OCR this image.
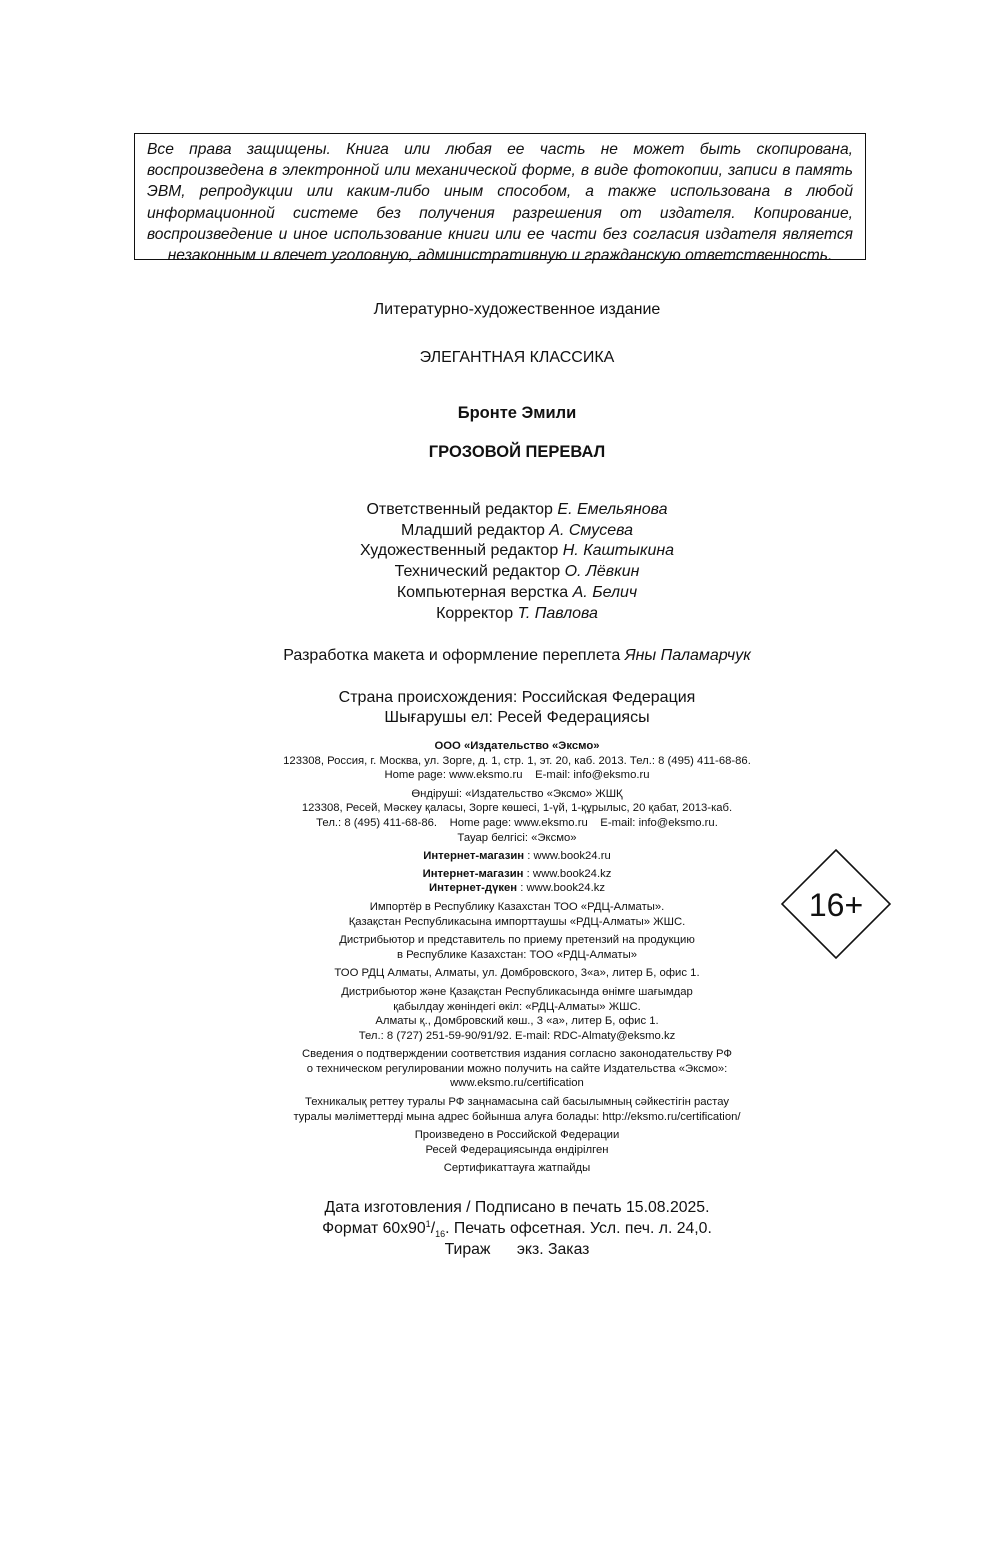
Все права защищены. Книга или любая ее часть не может быть скопирована, воспроизведена в электронной или механической форме, в виде фотокопии, записи в память ЭВМ, репродукции или каким-либо иным способом, а также использована в любой информационной системе без получения разрешения от издателя. Копирование, воспроизведение и иное использование книги или ее части без согласия издателя является незаконным и влечет уголовную, административную и гражданскую ответственность.

Литературно-художественное издание
ЭЛЕГАНТНАЯ КЛАССИКА
Бронте Эмили
ГРОЗОВОЙ ПЕРЕВАЛ
Ответственный редактор Е. Емельянова
Младший редактор А. Смусева
Художественный редактор Н. Каштыкина
Технический редактор О. Лёвкин
Компьютерная верстка А. Белич
Корректор Т. Павлова
Разработка макета и оформление переплета Яны Паламарчук
Страна происхождения: Российская Федерация
Шығарушы ел: Ресей Федерациясы
ООО «Издательство «Эксмо»
123308, Россия, г. Москва, ул. Зорге, д. 1, стр. 1, эт. 20, каб. 2013. Тел.: 8 (495) 411-68-86.
Home page: www.eksmo.ru    E-mail: info@eksmo.ru
Өндіруші: «Издательство «Эксмо» ЖШҚ
123308, Ресей, Мәскеу қаласы, Зорге көшесі, 1-үй, 1-құрылыс, 20 қабат, 2013-каб.
Тел.: 8 (495) 411-68-86.    Home page: www.eksmo.ru    E-mail: info@eksmo.ru.
Тауар белгісі: «Эксмо»
Интернет-магазин : www.book24.ru
Интернет-магазин : www.book24.kz
Интернет-дүкен : www.book24.kz
Импортёр в Республику Казахстан ТОО «РДЦ-Алматы».
Қазақстан Республикасына импорттаушы «РДЦ-Алматы» ЖШС.
Дистрибьютор и представитель по приему претензий на продукцию
в Республике Казахстан: ТОО «РДЦ-Алматы»
ТОО РДЦ Алматы, Алматы, ул. Домбровского, 3«а», литер Б, офис 1.
Дистрибьютор және Қазақстан Республикасында өнімге шағымдар
қабылдау жөніндегі өкіл: «РДЦ-Алматы» ЖШС.
Алматы қ., Домбровский көш., 3 «а», литер Б, офис 1.
Тел.: 8 (727) 251-59-90/91/92. E-mail: RDC-Almaty@eksmo.kz
Сведения о подтверждении соответствия издания согласно законодательству РФ
о техническом регулировании можно получить на сайте Издательства «Эксмо»:
www.eksmo.ru/certification
Техникалық реттеу туралы РФ заңнамасына сай басылымның сәйкестігін растау
туралы мәліметтерді мына адрес бойынша алуға болады: http://eksmo.ru/certification/
Произведено в Российской Федерации
Ресей Федерациясында өндірілген
Сертификаттауға жатпайды
16+
Дата изготовления / Подписано в печать 15.08.2025.
Формат $60x90^1/_{16}$. Печать офсетная. Усл. печ. л. 24,0.
Тираж      экз. Заказ
